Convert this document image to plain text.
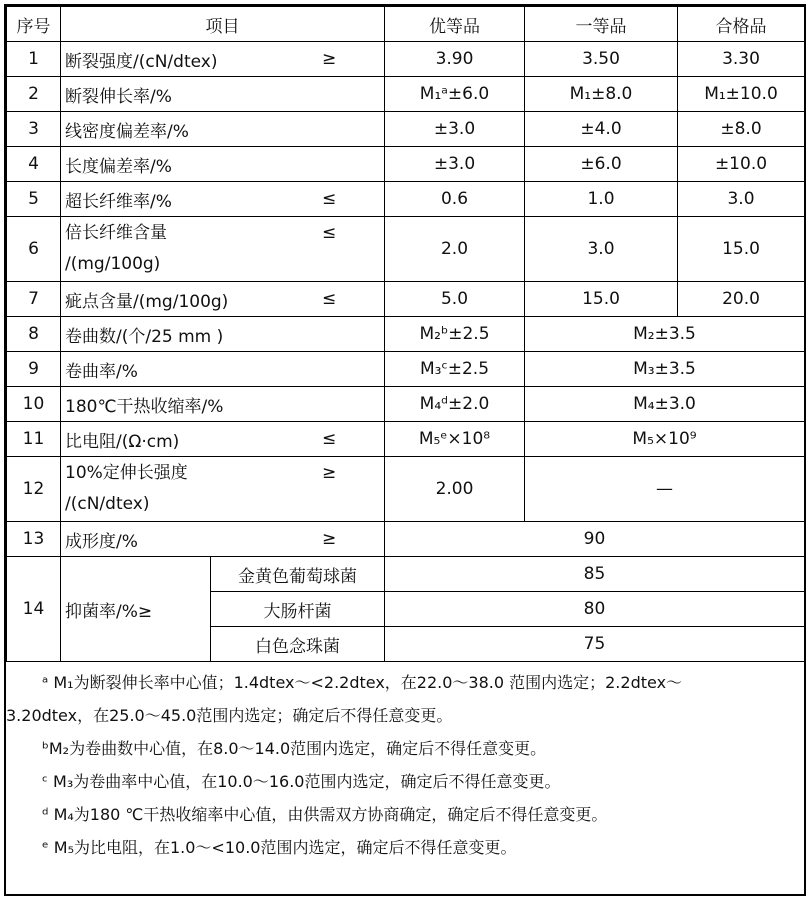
序号	项目		优等品	一等品	合格品
1	断裂强度/(cN/dtex) ≥		3.90	3.50	3.30
2	断裂伸长率/%		M₁ᵃ±6.0	M₁±8.0	M₁±10.0
3	线密度偏差率/%		±3.0	±4.0	±8.0
4	长度偏差率/%		±3.0	±6.0	±10.0
5	超长纤维率/% ≤		0.6	1.0	3.0
6	倍长纤维含量 ≤
/(mg/100g)		2.0	3.0	15.0
7	疵点含量/(mg/100g) ≤		5.0	15.0	20.0
8	卷曲数/(个/25 mm )		M₂ᵇ±2.5	M₂±3.5	
9	卷曲率/%		M₃ᶜ±2.5	M₃±3.5	
10	180℃干热收缩率/%		M₄ᵈ±2.0	M₄±3.0	
11	比电阻/(Ω·cm) ≤		M₅ᵉ×10⁸	M₅×10⁹	
12	10%定伸长强度 ≥
/(cN/dtex)		2.00	—	
13	成形度/% ≥		90		
14	抑菌率/%≥	金黄色葡萄球菌	85		
		大肠杆菌	80		
		白色念珠菌	75		
ᵃ M₁为断裂伸长率中心值；1.4dtex～<2.2dtex，在22.0～38.0 范围内选定；2.2dtex～
3.20dtex，在25.0～45.0范围内选定；确定后不得任意变更。
ᵇM₂为卷曲数中心值，在8.0～14.0范围内选定，确定后不得任意变更。
ᶜ M₃为卷曲率中心值，在10.0～16.0范围内选定，确定后不得任意变更。
ᵈ M₄为180 ℃干热收缩率中心值，由供需双方协商确定，确定后不得任意变更。
ᵉ M₅为比电阻，在1.0～<10.0范围内选定，确定后不得任意变更。
